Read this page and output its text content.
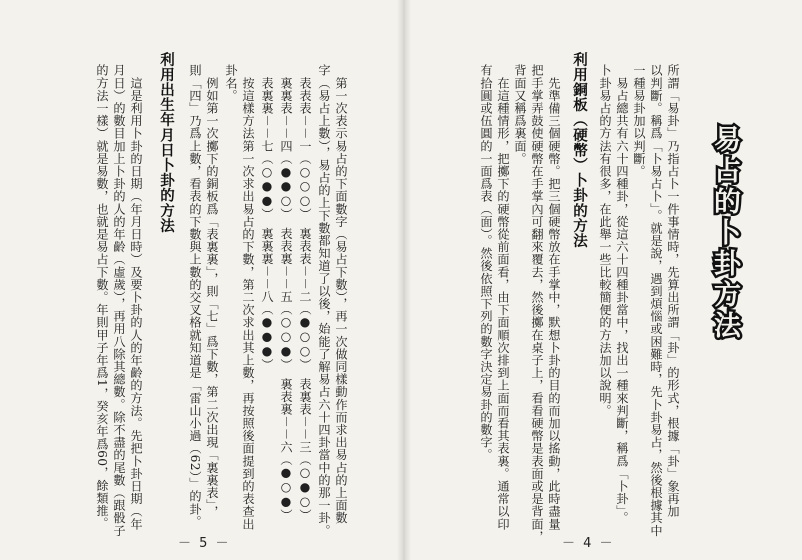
易占的卜卦方法
所謂「易卦」乃指占卜一件事情時，先算出所謂「卦」的形式，根據「卦」象再加
以判斷。稱爲「卜易占卜」。就是說，遇到煩惱或困難時，先卜卦易占，然後根據其中
一種易卦加以判斷。
　易占總共有六十四種卦，從這六十四種卦當中，找出一種來判斷，稱爲「卜卦」。
卜卦易占的方法有很多，在此舉一些比較簡便的方法加以說明。
利用銅板（硬幣）卜卦的方法
　先準備三個硬幣。把三個硬幣放在手掌中，默想卜卦的目的而加以搖動，此時盡量
把手掌弄鼓使硬幣在手掌內可翻來覆去，然後擲在桌子上，看看硬幣是表面或是背面，
背面又稱爲裏面。
　在這種情形，把擲下的硬幣從前面看，由下面順次排到上面而看其表裏。通常以印
有拾圓或伍圓的一面爲表（面）。然後依照下列的數字決定易卦的數字。
－ 4 －
　第一次表示易占的下面數字（易占下數），再一次做同樣動作而求出易占的上面數
字（易占上數），易占的上下數都知道了以後，始能了解易占六十四卦當中的那一卦。
　表表表－－一（○○○）　裏表表－－二（●○○）　表裏表－－三（○●○）
　裏裏表－－四（●●○）　表表裏－－五（○○●）　裏表裏－－六（●○●）
　表裏裏－－七（○●●）　裏裏裏－－八（●●●）
　按這樣方法第一次求出易占的下數，第二次求出其上數，再按照後面提到的表查出
卦名。
　例如第一次擲下的銅板爲「表裏裏」，則「七」爲下數，第二次出現「裏裏表」，
則「四」乃爲上數，看表的下數與上數的交叉格就知道是「雷山小過（62）」的卦。
利用出生年月日卜卦的方法
　這是利用卜卦的日期（年月日時）及要卜卦的人的年齡的方法。先把卜卦日期（年
月日）的數目加上卜卦的人的年齡（虛歲），再用八除其總數。除不盡的尾數（跟骰子
的方法一樣）就是易數，也就是易占下數。年則甲子年爲1，癸亥年爲60，餘類推。
－ 5 －
